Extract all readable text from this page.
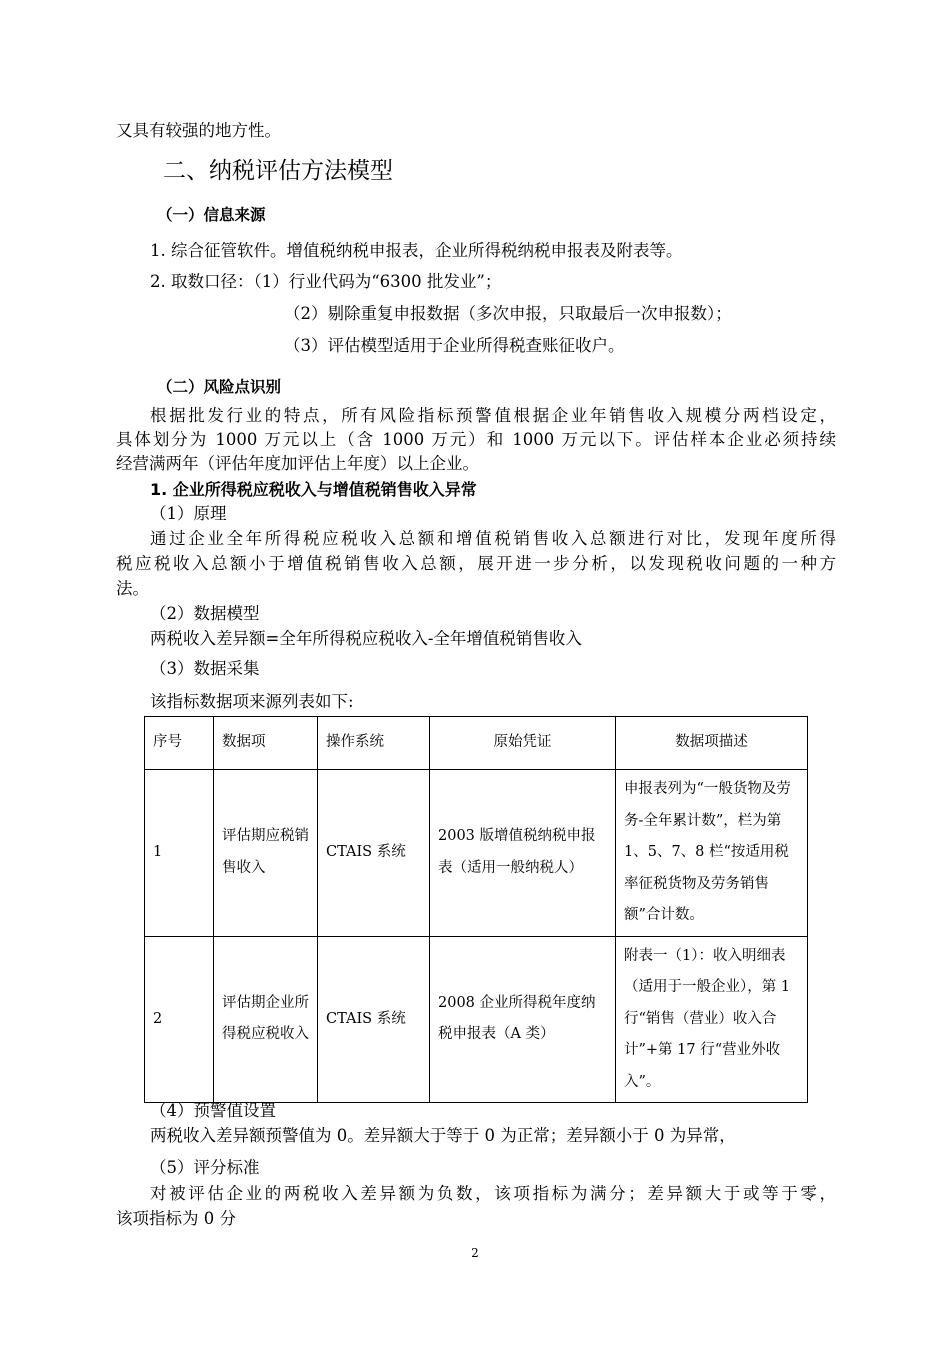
又具有较强的地方性。
二、纳税评估方法模型
（一）信息来源
1. 综合征管软件。增值税纳税申报表，企业所得税纳税申报表及附表等。
2. 取数口径：（1）行业代码为“6300 批发业”；
（2）剔除重复申报数据（多次申报，只取最后一次申报数）；
（3）评估模型适用于企业所得税查账征收户。
（二）风险点识别
根据批发行业的特点，所有风险指标预警值根据企业年销售收入规模分两档设定，
具体划分为 1000 万元以上（含 1000 万元）和 1000 万元以下。评估样本企业必须持续
经营满两年（评估年度加评估上年度）以上企业。
1. 企业所得税应税收入与增值税销售收入异常
（1）原理
通过企业全年所得税应税收入总额和增值税销售收入总额进行对比，发现年度所得
税应税收入总额小于增值税销售收入总额，展开进一步分析，以发现税收问题的一种方
法。
（2）数据模型
两税收入差异额=全年所得税应税收入-全年增值税销售收入
（3）数据采集
该指标数据项来源列表如下:
序号	数据项	操作系统	原始凭证	数据项描述
1	评估期应税销售收入	CTAIS 系统	2003 版增值税纳税申报表（适用一般纳税人）	申报表列为“一般货物及劳务-全年累计数”，栏为第 1、5、7、8 栏“按适用税率征税货物及劳务销售额”合计数。
2	评估期企业所得税应税收入	CTAIS 系统	2008 企业所得税年度纳税申报表（A 类）	附表一（1）：收入明细表（适用于一般企业），第 1 行“销售（营业）收入合计”+第 17 行“营业外收入”。
（4）预警值设置
两税收入差异额预警值为 0。差异额大于等于 0 为正常；差异额小于 0 为异常，
（5）评分标准
对被评估企业的两税收入差异额为负数，该项指标为满分；差异额大于或等于零，
该项指标为 0 分
2
